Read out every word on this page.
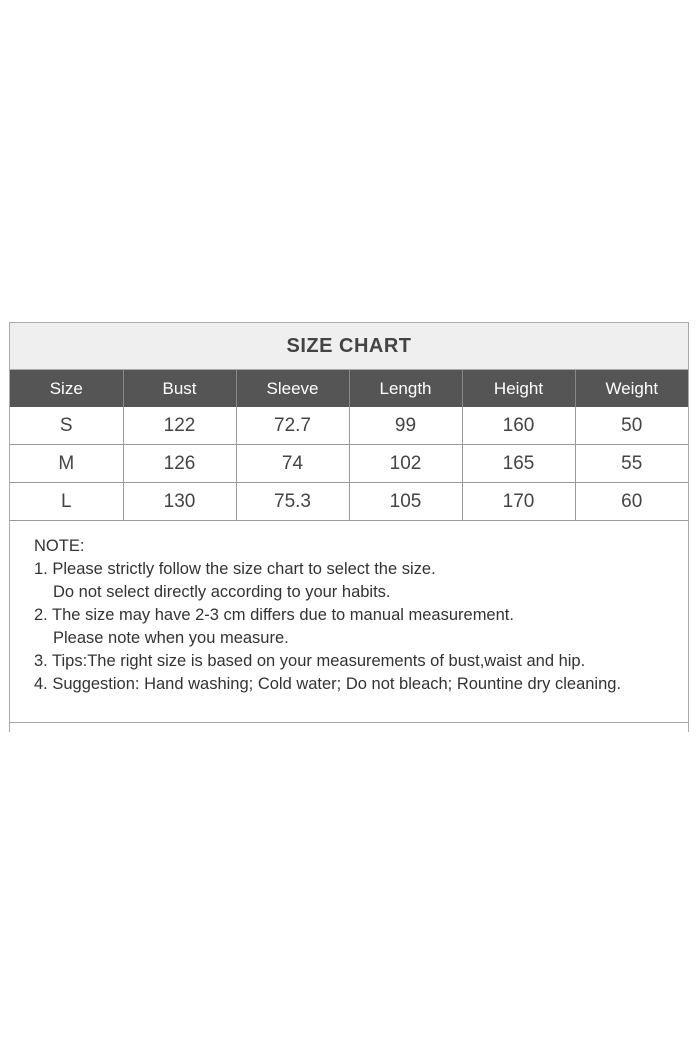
SIZE CHART
Size	Bust	Sleeve	Length	Height	Weight
S	122	72.7	99	160	50
M	126	74	102	165	55
L	130	75.3	105	170	60
NOTE:
1. Please strictly follow the size chart to select the size.
Do not select directly according to your habits.
2. The size may have 2-3 cm differs due to manual measurement.
Please note when you measure.
3. Tips:The right size is based on your measurements of bust,waist and hip.
4. Suggestion: Hand washing; Cold water; Do not bleach; Rountine dry cleaning.
